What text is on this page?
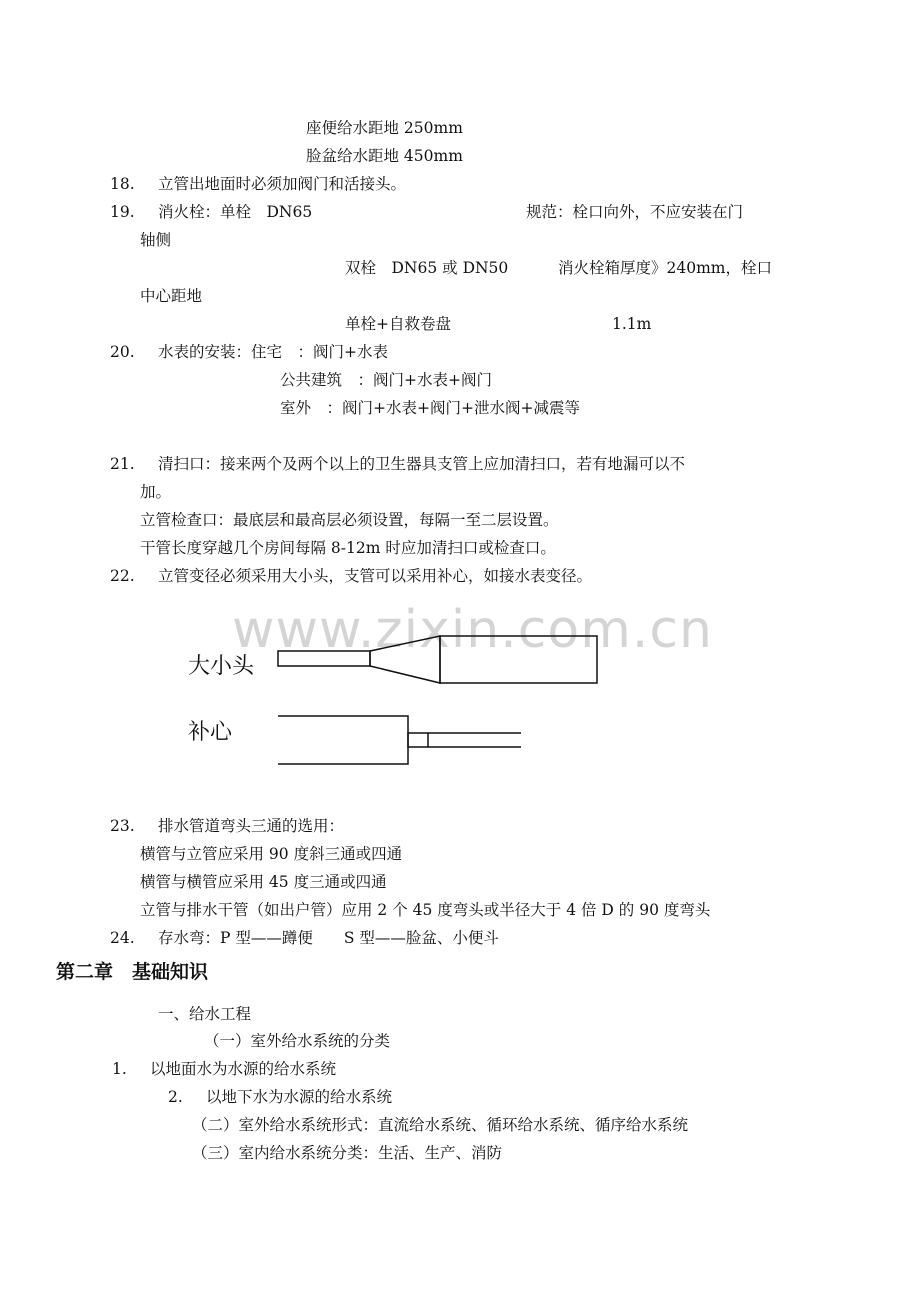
www.zixin.com.cn
座便给水距地 250mm
脸盆给水距地 450mm
18. 立管出地面时必须加阀门和活接头。
19. 消火栓：单栓　DN65	规范：栓口向外，不应安装在门
轴侧
双栓　DN65 或 DN50	消火栓箱厚度》240mm，栓口
中心距地
单栓+自救卷盘	1.1m
20. 水表的安装：住宅　：阀门+水表
公共建筑　：阀门+水表+阀门
室外　：阀门+水表+阀门+泄水阀+减震等
21. 清扫口：接来两个及两个以上的卫生器具支管上应加清扫口，若有地漏可以不
加。
立管检查口：最底层和最高层必须设置，每隔一至二层设置。
干管长度穿越几个房间每隔 8-12m 时应加清扫口或检查口。
22. 立管变径必须采用大小头，支管可以采用补心，如接水表变径。
大小头
补心
23. 排水管道弯头三通的选用：
横管与立管应采用 90 度斜三通或四通
横管与横管应采用 45 度三通或四通
立管与排水干管（如出户管）应用 2 个 45 度弯头或半径大于 4 倍 D 的 90 度弯头
24. 存水弯：P 型——蹲便　　S 型——脸盆、小便斗
第二章　基础知识
一、给水工程
（一）室外给水系统的分类
1. 以地面水为水源的给水系统
2. 以地下水为水源的给水系统
（二）室外给水系统形式：直流给水系统、循环给水系统、循序给水系统
（三）室内给水系统分类：生活、生产、消防
